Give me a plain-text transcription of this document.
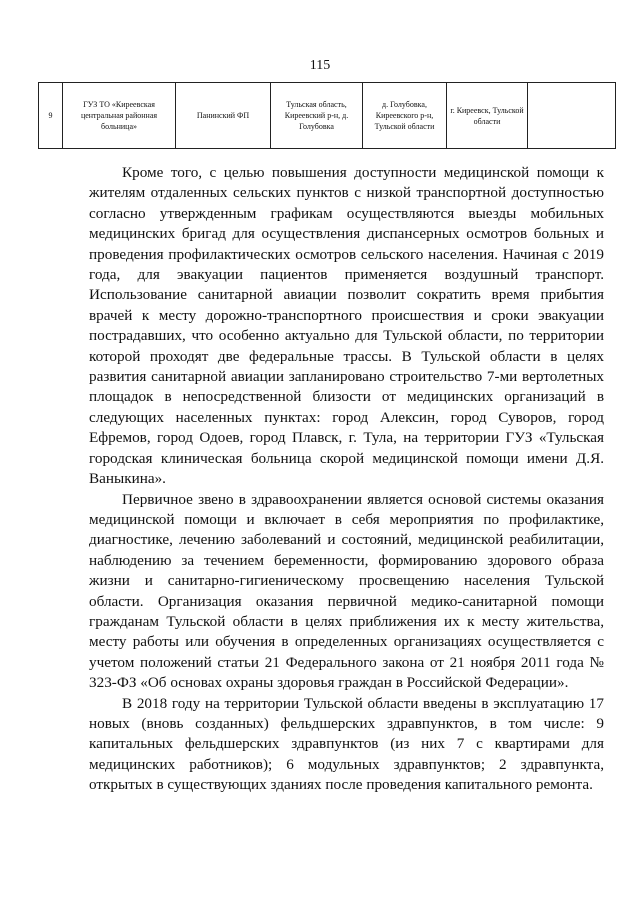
115
9	ГУЗ ТО «Киреевская центральная районная больница»	Панинский ФП	Тульская область, Киреевский р-н, д. Голубовка	д. Голубовка, Киреевского р-н, Тульской области	г. Киреевск, Тульской области	

Кроме того, с целью повышения доступности медицинской помощи к жителям отдаленных сельских пунктов с низкой транспортной доступностью согласно утвержденным графикам осуществляются выезды мобильных медицинских бригад для осуществления диспансерных осмотров больных и проведения профилактических осмотров сельского населения. Начиная с 2019 года, для эвакуации пациентов применяется воздушный транспорт. Использование санитарной авиации позволит сократить время прибытия врачей к месту дорожно-транспортного происшествия и сроки эвакуации пострадавших, что особенно актуально для Тульской области, по территории которой проходят две федеральные трассы. В Тульской области в целях развития санитарной авиации запланировано строительство 7-ми вертолетных площадок в непосредственной близости от медицинских организаций в следующих населенных пунктах: город Алексин, город Суворов, город Ефремов, город Одоев, город Плавск, г. Тула, на территории ГУЗ «Тульская городская клиническая больница скорой медицинской помощи имени Д.Я. Ваныкина».

Первичное звено в здравоохранении является основой системы оказания медицинской помощи и включает в себя мероприятия по профилактике, диагностике, лечению заболеваний и состояний, медицинской реабилитации, наблюдению за течением беременности, формированию здорового образа жизни и санитарно-гигиеническому просвещению населения Тульской области. Организация оказания первичной медико-санитарной помощи гражданам Тульской области в целях приближения их к месту жительства, месту работы или обучения в определенных организациях осуществляется с учетом положений статьи 21 Федерального закона от 21 ноября 2011 года № 323-ФЗ «Об основах охраны здоровья граждан в Российской Федерации».

В 2018 году на территории Тульской области введены в эксплуатацию 17 новых (вновь созданных) фельдшерских здравпунктов, в том числе: 9 капитальных фельдшерских здравпунктов (из них 7 с квартирами для медицинских работников); 6 модульных здравпунктов; 2 здравпункта, открытых в существующих зданиях после проведения капитального ремонта.
